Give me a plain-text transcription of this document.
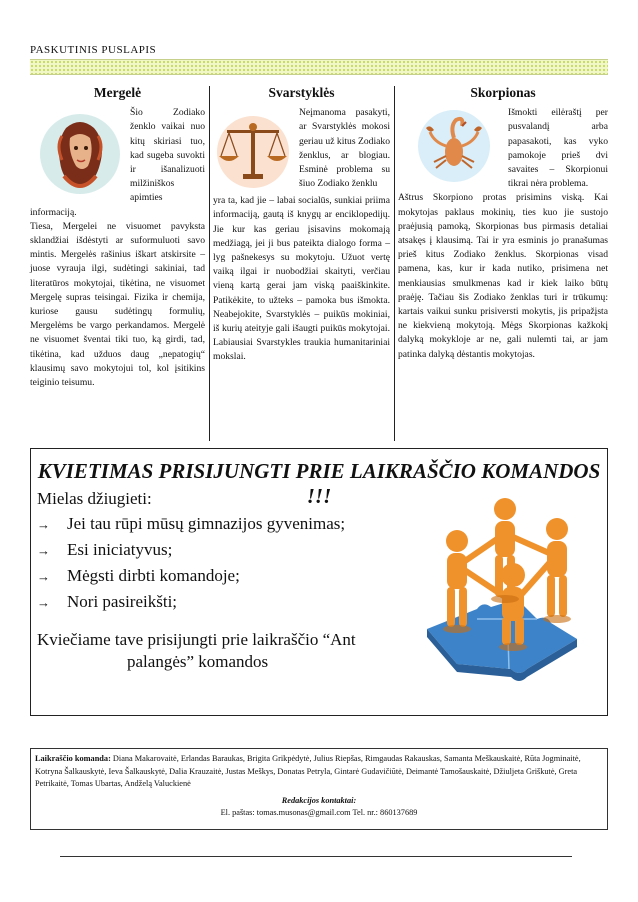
PASKUTINIS PUSLAPIS
Mergelė

Šio Zodiako ženklo vaikai nuo kitų skiriasi tuo, kad sugeba suvokti ir išanalizuoti milžiniškos apimties informaciją.

Tiesa, Mergelei ne visuomet pavyksta sklandžiai išdėstyti ar suformuluoti savo mintis. Mergelės rašinius iškart atskirsite – juose vyrauja ilgi, sudėtingi sakiniai, tad literatūros mokytojai, tikėtina, ne visuomet Mergelę supras teisingai. Fizika ir chemija, kuriose gausu sudėtingų formulių, Mergelėms be vargo perkandamos. Mergelė ne visuomet šventai tiki tuo, ką girdi, tad, tikėtina, kad užduos daug „nepatogių“ klausimų savo mokytojui tol, kol įsitikins teiginio teisumu.

Svarstyklės

Neįmanoma pasakyti, ar Svarstyklės mokosi geriau už kitus Zodiako ženklus, ar blogiau. Esminė problema su šiuo Zodiako ženklu

yra ta, kad jie – labai socialūs, sunkiai priima informaciją, gautą iš knygų ar enciklopedijų. Jie kur kas geriau įsisavins mokomają medžiagą, jei ji bus pateikta dialogo forma – lyg pašnekesys su mokytoju. Užuot vertę vaiką ilgai ir nuobodžiai skaityti, verčiau vieną kartą gerai jam viską paaiškinkite. Patikėkite, to užteks – pamoka bus išmokta. Neabejokite, Svarstyklės – puikūs mokiniai, iš kurių ateityje gali išaugti puikūs mokytojai. Labiausiai Svarstykles traukia humanitariniai mokslai.

Skorpionas

Išmokti eilėraštį per pusvalandį arba papasakoti, kas vyko pamokoje prieš dvi savaites – Skorpionui tikrai nėra problema.

Aštrus Skorpiono protas prisimins viską. Kai mokytojas paklaus mokinių, ties kuo jie sustojo praėjusią pamoką, Skorpionas bus pirmasis detaliai atsakęs į klausimą. Tai ir yra esminis jo pranašumas prieš kitus Zodiako ženklus. Skorpionas visad pamena, kas, kur ir kada nutiko, prisimena net menkiausias smulkmenas kad ir kiek laiko būtų praėję. Tačiau šis Zodiako ženklas turi ir trūkumų: kartais vaikui sunku prisiversti mokytis, jis pripažįsta ne kiekvieną mokytoją. Mėgs Skorpionas kažkokį dalyką mokykloje ar ne, gali nulemti tai, ar jam patinka dalyką dėstantis mokytojas.

KVIETIMAS PRISIJUNGTI PRIE LAIKRAŠČIO KOMANDOS !!!
Mielas džiugieti:
→ Jei tau rūpi mūsų gimnazijos gyvenimas;
→ Esi iniciatyvus;
→ Mėgsti dirbti komandoje;
→ Nori pasireikšti;
Kviečiame tave prisijungti prie laikraščio “Ant
palangės” komandos
Laikraščio komanda: Diana Makarovaitė, Erlandas Baraukas, Brigita Grikpėdytė, Julius Riepšas, Rimgaudas Rakauskas, Samanta Meškauskaitė, Rūta Jogminaitė, Kotryna Šalkauskytė, Ieva Šalkauskytė, Dalia Krauzaitė, Justas Meškys, Donatas Petryla, Gintarė Gudavičiūtė, Deimantė Tamošauskaitė, Džiuljeta Griškutė, Greta Petrikaitė, Tomas Ubartas, Andželą Valuckienė
Redakcijos kontaktai:
El. paštas: tomas.musonas@gmail.com Tel. nr.: 860137689
